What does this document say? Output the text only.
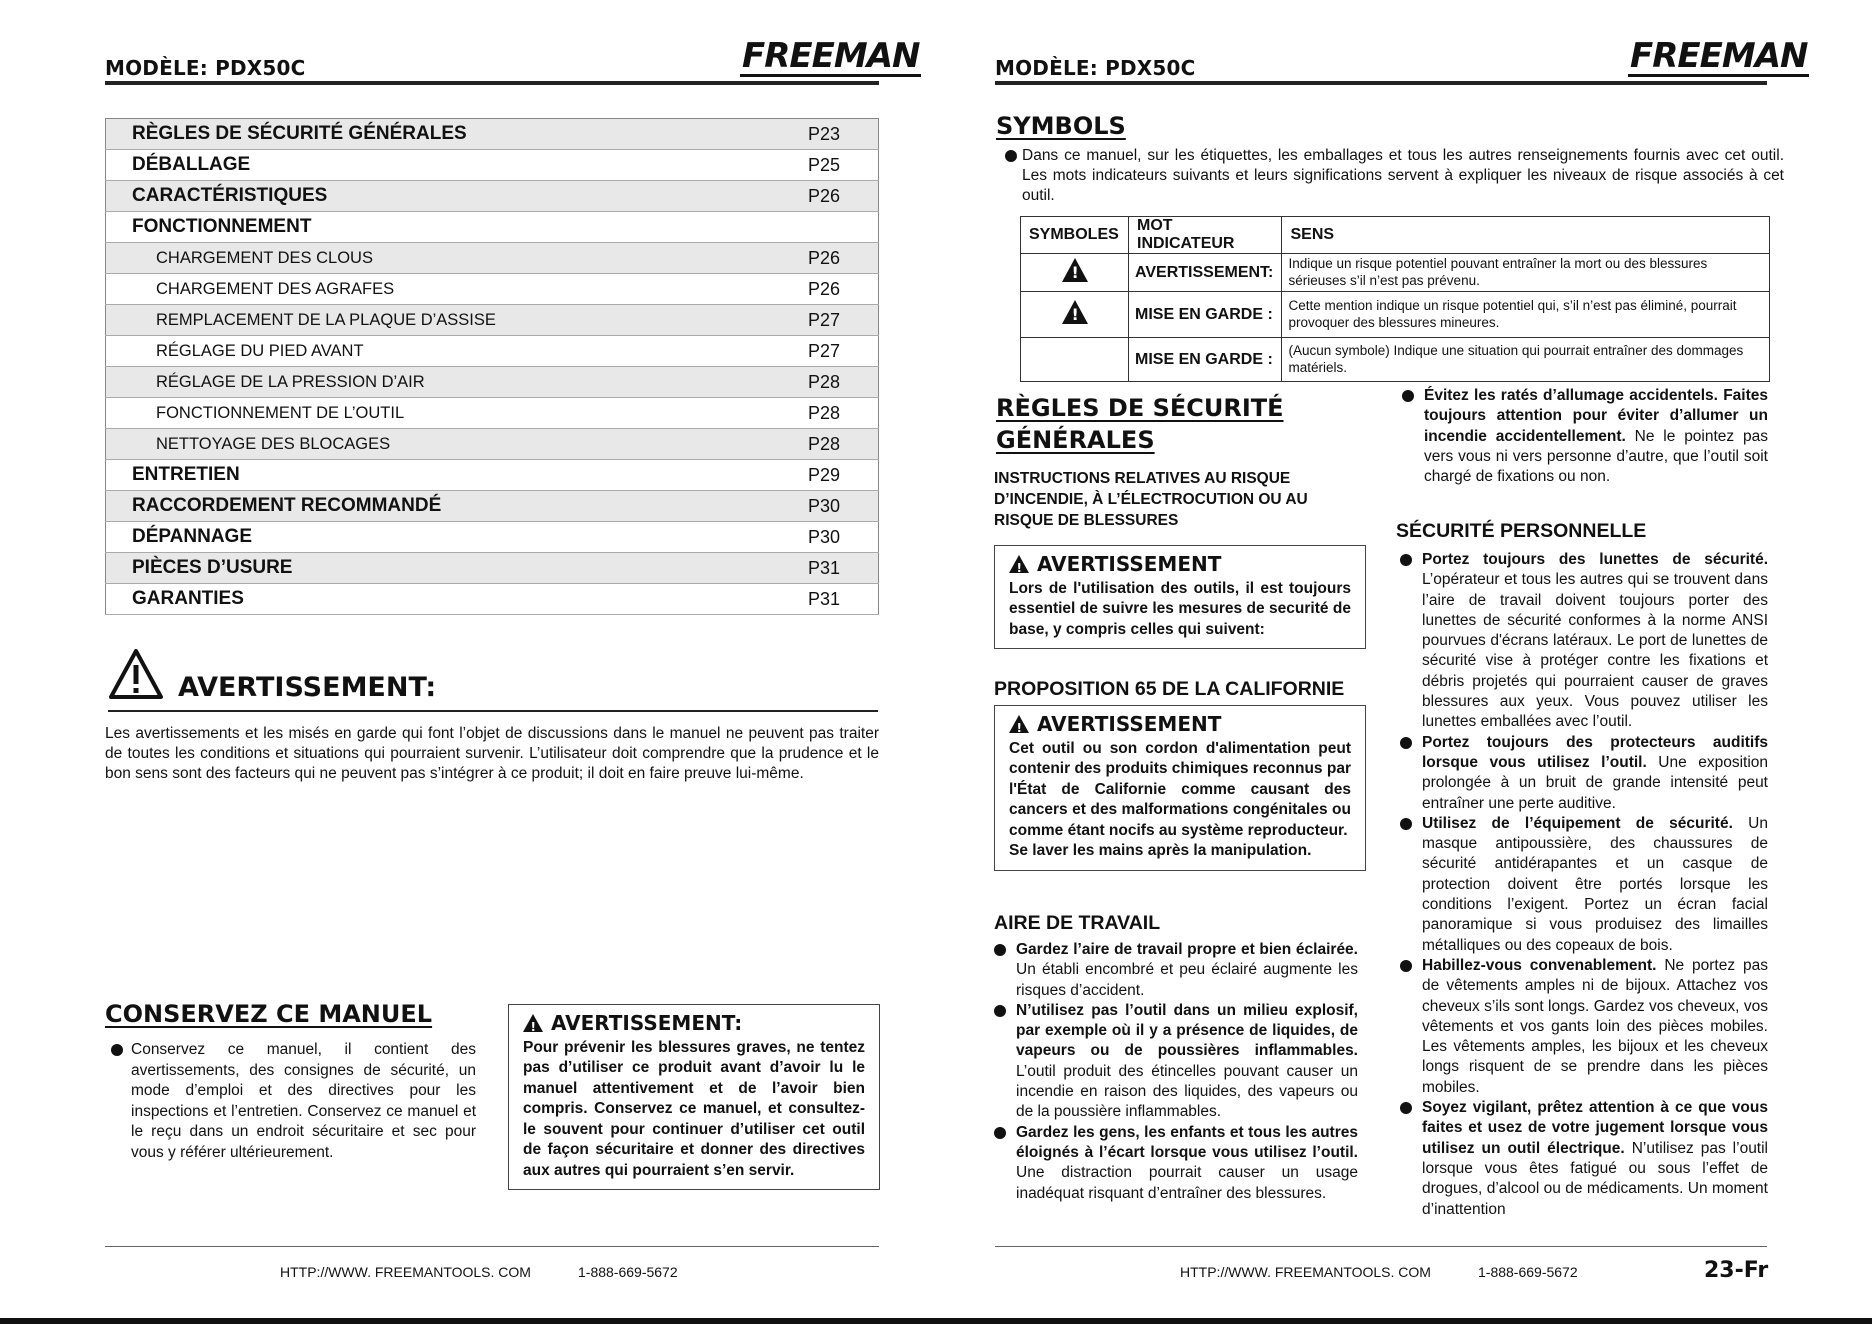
MODÈLE: PDX50C	FREEMAN
RÈGLES DE SÉCURITÉ GÉNÉRALES	P23
DÉBALLAGE	P25
CARACTÉRISTIQUES	P26
FONCTIONNEMENT	
CHARGEMENT DES CLOUS	P26
CHARGEMENT DES AGRAFES	P26
REMPLACEMENT DE LA PLAQUE D’ASSISE	P27
RÉGLAGE DU PIED AVANT	P27
RÉGLAGE DE LA PRESSION D’AIR	P28
FONCTIONNEMENT DE L’OUTIL	P28
NETTOYAGE DES BLOCAGES	P28
ENTRETIEN	P29
RACCORDEMENT RECOMMANDÉ	P30
DÉPANNAGE	P30
PIÈCES D’USURE	P31
GARANTIES	P31
AVERTISSEMENT:
Les avertissements et les misés en garde qui font l’objet de discussions dans le manuel ne peuvent pas traiter de toutes les conditions et situations qui pourraient survenir. L’utilisateur doit comprendre que la prudence et le bon sens sont des facteurs qui ne peuvent pas s’intégrer à ce produit; il doit en faire preuve lui-même.
CONSERVEZ CE MANUEL
Conservez ce manuel, il contient des avertissements, des consignes de sécurité, un mode d’emploi et des directives pour les inspections et l’entretien. Conservez ce manuel et le reçu dans un endroit sécuritaire et sec pour vous y référer ultérieurement.
!
AVERTISSEMENT:
Pour prévenir les blessures graves, ne tentez pas d’utiliser ce produit avant d’avoir lu le manuel attentivement et de l’avoir bien compris. Conservez ce manuel, et consultez-le souvent pour continuer d’utiliser cet outil de façon sécuritaire et donner des directives aux autres qui pourraient s’en servir.
HTTP://WWW. FREEMANTOOLS. COM	1-888-669-5672
MODÈLE: PDX50C	FREEMAN
SYMBOLS
Dans ce manuel, sur les étiquettes, les emballages et tous les autres renseignements fournis avec cet outil. Les mots indicateurs suivants et leurs significations servent à expliquer les niveaux de risque associés à cet outil.
SYMBOLES	MOT INDICATEUR	SENS
!	AVERTISSEMENT:	Indique un risque potentiel pouvant entraîner la mort ou des blessures sérieuses s’il n’est pas prévenu.
!	MISE EN GARDE :	Cette mention indique un risque potentiel qui, s’il n’est pas éliminé, pourrait provoquer des blessures mineures.
	MISE EN GARDE :	(Aucun symbole) Indique une situation qui pourrait entraîner des dommages matériels.
RÈGLES DE SÉCURITÉ
GÉNÉRALES
INSTRUCTIONS RELATIVES AU RISQUE D’INCENDIE, À L’ÉLECTROCUTION OU AU RISQUE DE BLESSURES
!
AVERTISSEMENT
Lors de l'utilisation des outils, il est toujours essentiel de suivre les mesures de securité de base, y compris celles qui suivent:
PROPOSITION 65 DE LA CALIFORNIE
!
AVERTISSEMENT
Cet outil ou son cordon d'alimentation peut contenir des produits chimiques reconnus par l'État de Californie comme causant des cancers et des malformations congénitales ou comme étant nocifs au système reproducteur.
Se laver les mains après la manipulation.
AIRE DE TRAVAIL
Gardez l’aire de travail propre et bien éclairée. Un établi encombré et peu éclairé augmente les risques d’accident.
N’utilisez pas l’outil dans un milieu explosif, par exemple où il y a présence de liquides, de vapeurs ou de poussières inflammables. L’outil produit des étincelles pouvant causer un incendie en raison des liquides, des vapeurs ou de la poussière inflammables.
Gardez les gens, les enfants et tous les autres éloignés à l’écart lorsque vous utilisez l’outil. Une distraction pourrait causer un usage inadéquat risquant d’entraîner des blessures.
Évitez les ratés d’allumage accidentels. Faites toujours attention pour éviter d’allumer un incendie accidentellement. Ne le pointez pas vers vous ni vers personne d’autre, que l’outil soit chargé de fixations ou non.
SÉCURITÉ PERSONNELLE
Portez toujours des lunettes de sécurité. L’opérateur et tous les autres qui se trouvent dans l’aire de travail doivent toujours porter des lunettes de sécurité conformes à la norme ANSI pourvues d'écrans latéraux. Le port de lunettes de sécurité vise à protéger contre les fixations et débris projetés qui pourraient causer de graves blessures aux yeux. Vous pouvez utiliser les lunettes emballées avec l’outil.
Portez toujours des protecteurs auditifs lorsque vous utilisez l’outil. Une exposition prolongée à un bruit de grande intensité peut entraîner une perte auditive.
Utilisez de l’équipement de sécurité. Un masque antipoussière, des chaussures de sécurité antidérapantes et un casque de protection doivent être portés lorsque les conditions l’exigent. Portez un écran facial panoramique si vous produisez des limailles métalliques ou des copeaux de bois.
Habillez-vous convenablement. Ne portez pas de vêtements amples ni de bijoux. Attachez vos cheveux s’ils sont longs. Gardez vos cheveux, vos vêtements et vos gants loin des pièces mobiles. Les vêtements amples, les bijoux et les cheveux longs risquent de se prendre dans les pièces mobiles.
Soyez vigilant, prêtez attention à ce que vous faites et usez de votre jugement lorsque vous utilisez un outil électrique. N’utilisez pas l’outil lorsque vous êtes fatigué ou sous l’effet de drogues, d’alcool ou de médicaments. Un moment d’inattention
HTTP://WWW. FREEMANTOOLS. COM	1-888-669-5672	23-Fr
